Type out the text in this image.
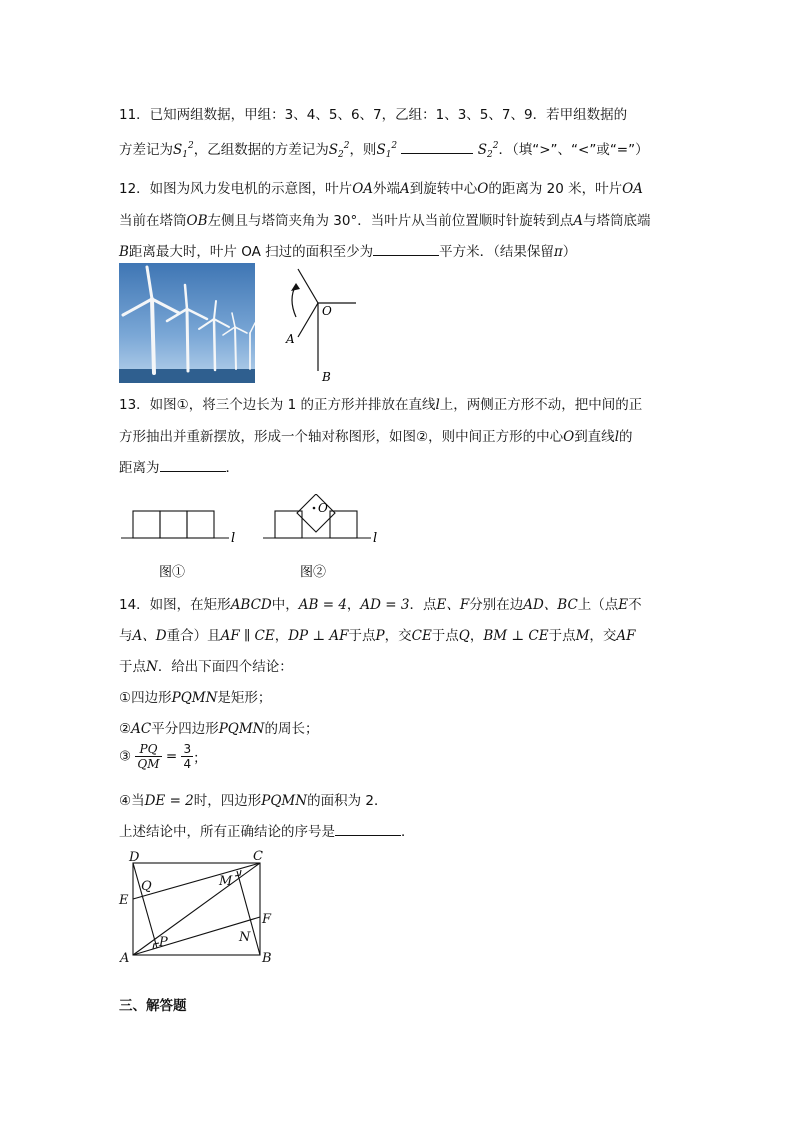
11．已知两组数据，甲组：3、4、5、6、7，乙组：1、3、5、7、9．若甲组数据的
方差记为$S_1^2$，乙组数据的方差记为$S_2^2$，则$S_1^2$	$S_2^2$．（填“>”、“<”或“=”）
12．如图为风力发电机的示意图，叶片OA外端A到旋转中心O的距离为 20 米，叶片OA
当前在塔筒OB左侧且与塔筒夹角为 30°．当叶片从当前位置顺时针旋转到点A与塔筒底端
B距离最大时，叶片 OA 扫过的面积至少为	平方米．（结果保留π）
O
A
B
13．如图①，将三个边长为 1 的正方形并排放在直线l上，两侧正方形不动，把中间的正
方形抽出并重新摆放，形成一个轴对称图形，如图②，则中间正方形的中心O到直线l的
距离为	．
O
l	l
图①	图②
14．如图，在矩形ABCD中，AB = 4，AD = 3．点E、F分别在边AD、BC上（点E不
与A、D重合）且AF ∥ CE，DP ⊥ AF于点P，交CE于点Q，BM ⊥ CE于点M，交AF
于点N．给出下面四个结论：
①四边形PQMN是矩形；
②AC平分四边形PQMN的周长；
③ $\frac{PQ}{QM} = \frac{3}{4}$ ；
④当DE = 2时，四边形PQMN的面积为 2．
上述结论中，所有正确结论的序号是	．
D	C
E
Q	M
F
N
P
A	B
三、解答题
